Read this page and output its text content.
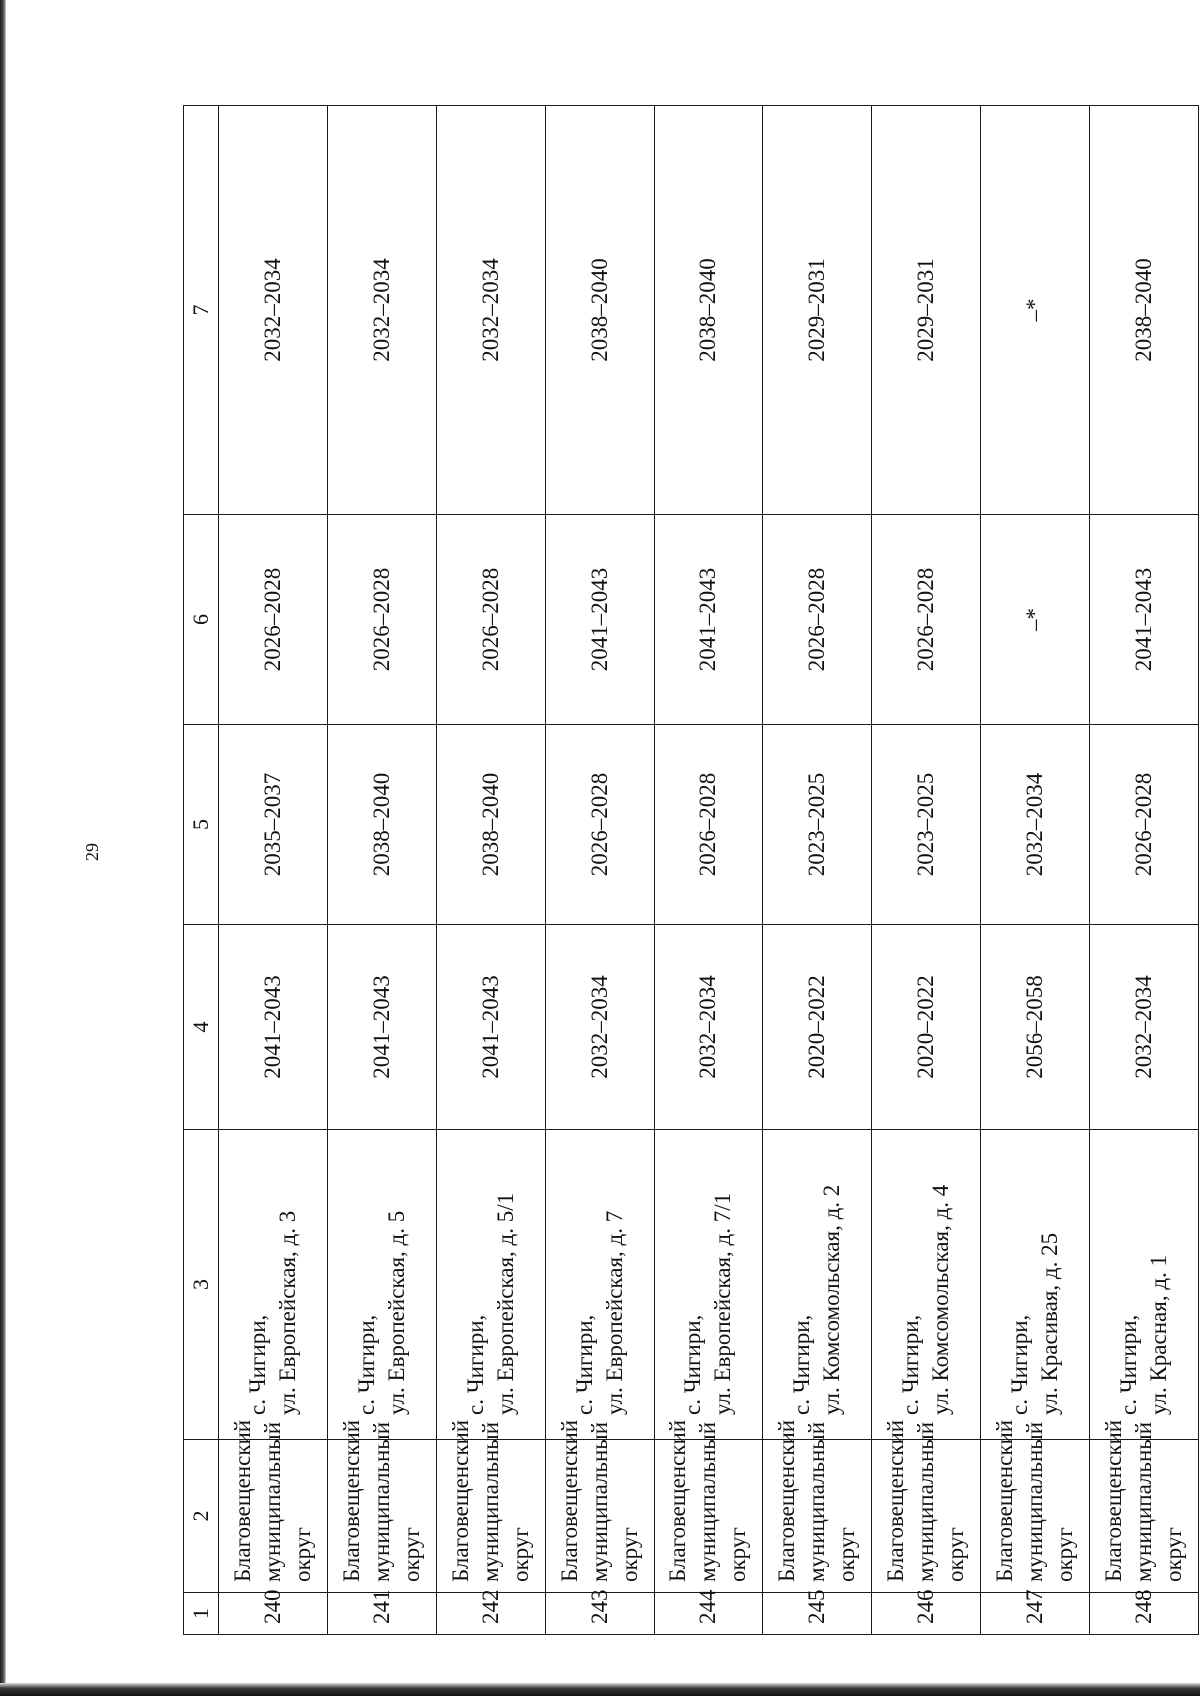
29
1	2	3	4	5	6	7
240	Благовещенский муниципальный округ	с. Чигири, ул. Европейская, д. 3	2041–2043	2035–2037	2026–2028	2032–2034
241	Благовещенский муниципальный округ	с. Чигири, ул. Европейская, д. 5	2041–2043	2038–2040	2026–2028	2032–2034
242	Благовещенский муниципальный округ	с. Чигири, ул. Европейская, д. 5/1	2041–2043	2038–2040	2026–2028	2032–2034
243	Благовещенский муниципальный округ	с. Чигири, ул. Европейская, д. 7	2032–2034	2026–2028	2041–2043	2038–2040
244	Благовещенский муниципальный округ	с. Чигири, ул. Европейская, д. 7/1	2032–2034	2026–2028	2041–2043	2038–2040
245	Благовещенский муниципальный округ	с. Чигири, ул. Комсомольская, д. 2	2020–2022	2023–2025	2026–2028	2029–2031
246	Благовещенский муниципальный округ	с. Чигири, ул. Комсомольская, д. 4	2020–2022	2023–2025	2026–2028	2029–2031
247	Благовещенский муниципальный округ	с. Чигири, ул. Красивая, д. 25	2056–2058	2032–2034	–*	–*
248	Благовещенский муниципальный округ	с. Чигири, ул. Красная, д. 1	2032–2034	2026–2028	2041–2043	2038–2040
